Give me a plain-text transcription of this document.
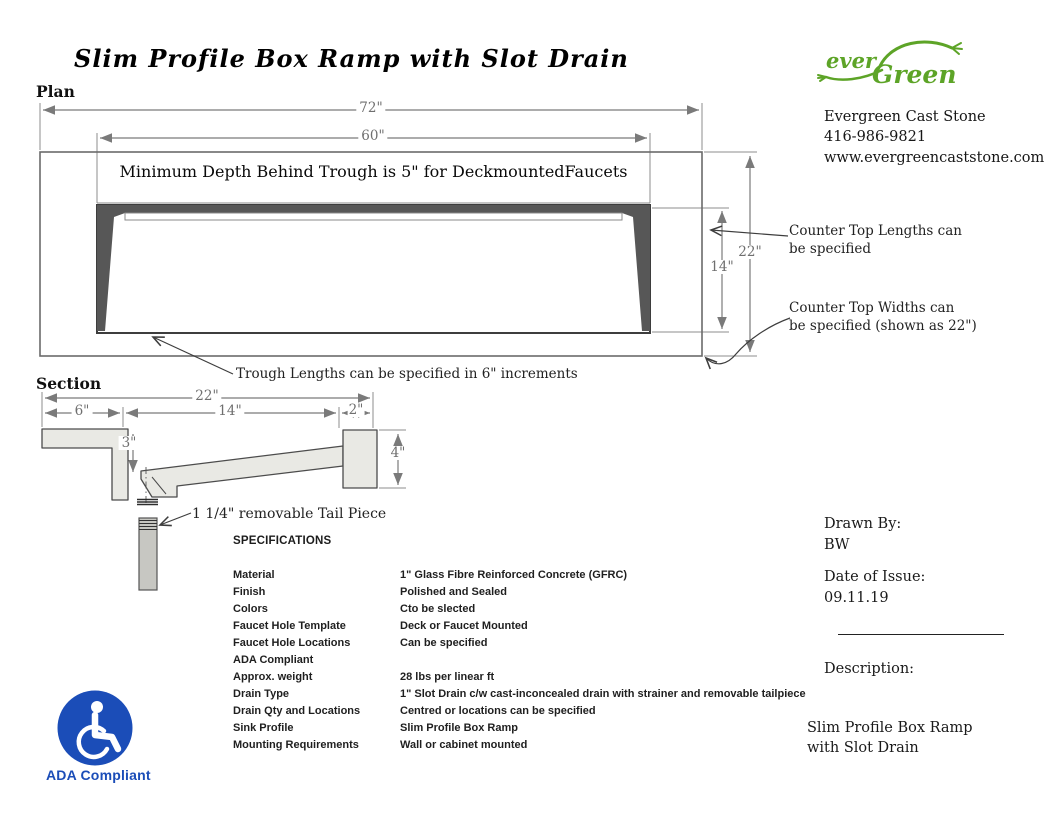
ever
Green
Slim Profile Box Ramp with Slot Drain
Plan
Section
Evergreen Cast Stone
416-986-9821
www.evergreencaststone.com
Minimum Depth Behind Trough is 5" for DeckmountedFaucets
72"
60"
22"
14"
Counter Top Lengths can
be specified
Counter Top Widths can
be specified (shown as 22")
Trough Lengths can be specified in 6" increments
22"
6"	14"	2"
3"
4"
1 1/4" removable Tail Piece
SPECIFICATIONS
Material	1" Glass Fibre Reinforced Concrete (GFRC)
Finish	Polished and Sealed
Colors	Cto be slected
Faucet Hole Template	Deck or Faucet Mounted
Faucet Hole Locations	Can be specified
ADA Compliant
Approx. weight	28 lbs per linear ft
Drain Type	1" Slot Drain c/w cast-inconcealed drain with strainer and removable tailpiece
Drain Qty and Locations	Centred or locations can be specified
Sink Profile	Slim Profile Box Ramp
Mounting Requirements	Wall or cabinet mounted
Drawn By:
BW
Date of Issue:
09.11.19
Description:
Slim Profile Box Ramp
with Slot Drain
ADA Compliant
